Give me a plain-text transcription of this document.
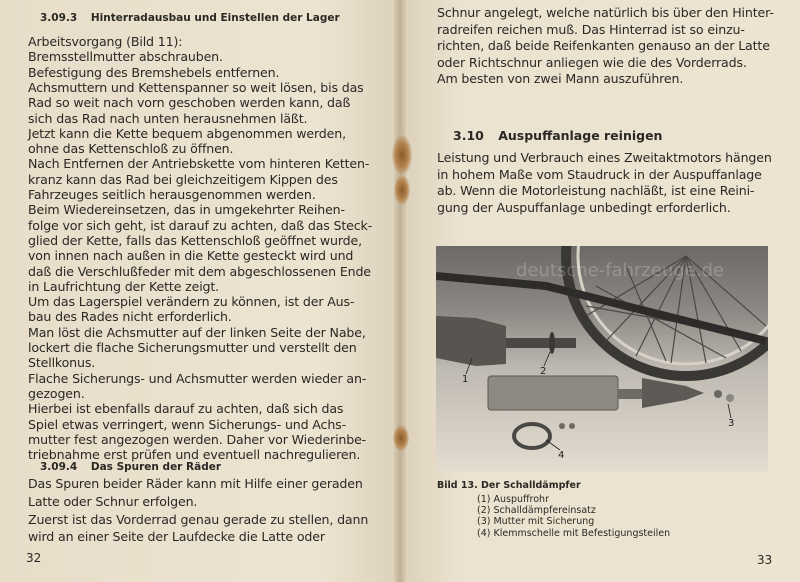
3.09.3 Hinterradausbau und Einstellen der Lager
Arbeitsvorgang (Bild 11):
Bremsstellmutter abschrauben.
Befestigung des Bremshebels entfernen.
Achsmuttern und Kettenspanner so weit lösen, bis das
Rad so weit nach vorn geschoben werden kann, daß
sich das Rad nach unten herausnehmen läßt.
Jetzt kann die Kette bequem abgenommen werden,
ohne das Kettenschloß zu öffnen.
Nach Entfernen der Antriebskette vom hinteren Ketten-
kranz kann das Rad bei gleichzeitigem Kippen des
Fahrzeuges seitlich herausgenommen werden.
Beim Wiedereinsetzen, das in umgekehrter Reihen-
folge vor sich geht, ist darauf zu achten, daß das Steck-
glied der Kette, falls das Kettenschloß geöffnet wurde,
von innen nach außen in die Kette gesteckt wird und
daß die Verschlußfeder mit dem abgeschlossenen Ende
in Laufrichtung der Kette zeigt.
Um das Lagerspiel verändern zu können, ist der Aus-
bau des Rades nicht erforderlich.
Man löst die Achsmutter auf der linken Seite der Nabe,
lockert die flache Sicherungsmutter und verstellt den
Stellkonus.
Flache Sicherungs- und Achsmutter werden wieder an-
gezogen.
Hierbei ist ebenfalls darauf zu achten, daß sich das
Spiel etwas verringert, wenn Sicherungs- und Achs-
mutter fest angezogen werden. Daher vor Wiederinbe-
triebnahme erst prüfen und eventuell nachregulieren.
3.09.4 Das Spuren der Räder
Das Spuren beider Räder kann mit Hilfe einer geraden
Latte oder Schnur erfolgen.
Zuerst ist das Vorderrad genau gerade zu stellen, dann
wird an einer Seite der Laufdecke die Latte oder
32
Schnur angelegt, welche natürlich bis über den Hinter-
radreifen reichen muß. Das Hinterrad ist so einzu-
richten, daß beide Reifenkanten genauso an der Latte
oder Richtschnur anliegen wie die des Vorderrads.
Am besten von zwei Mann auszuführen.
3.10 Auspuffanlage reinigen
Leistung und Verbrauch eines Zweitaktmotors hängen
in hohem Maße vom Staudruck in der Auspuffanlage
ab. Wenn die Motorleistung nachläßt, ist eine Reini-
gung der Auspuffanlage unbedingt erforderlich.
1
2
3
4
deutsche-fahrzeuge.de
Bild 13. Der Schalldämpfer
(1) Auspuffrohr
(2) Schalldämpfereinsatz
(3) Mutter mit Sicherung
(4) Klemmschelle mit Befestigungsteilen
33
